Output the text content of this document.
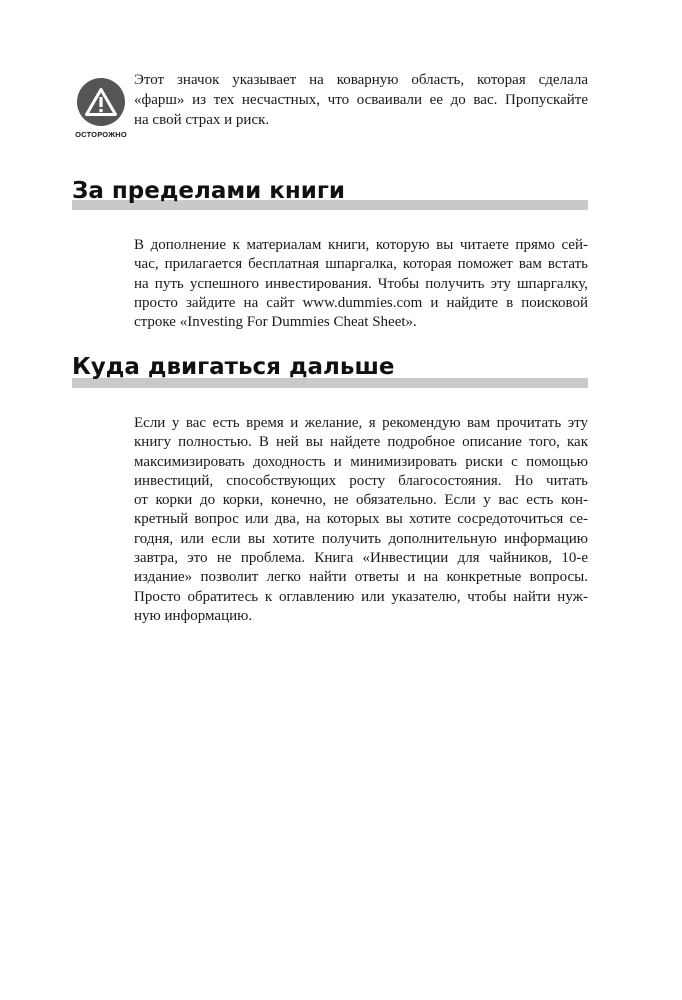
ОСТОРОЖНО
Этот значок указывает на коварную область, которая сделала
«фарш» из тех несчастных, что осваивали ее до вас. Пропускайте
на свой страх и риск.
За пределами книги
В дополнение к материалам книги, которую вы читаете прямо сей-
час, прилагается бесплатная шпаргалка, которая поможет вам встать
на путь успешного инвестирования. Чтобы получить эту шпаргалку,
просто зайдите на сайт www.dummies.com и найдите в поисковой
строке «Investing For Dummies Cheat Sheet».
Куда двигаться дальше
Если у вас есть время и желание, я рекомендую вам прочитать эту
книгу полностью. В ней вы найдете подробное описание того, как
максимизировать доходность и минимизировать риски с помощью
инвестиций, способствующих росту благосостояния. Но читать
от корки до корки, конечно, не обязательно. Если у вас есть кон-
кретный вопрос или два, на которых вы хотите сосредоточиться се-
годня, или если вы хотите получить дополнительную информацию
завтра, это не проблема. Книга «Инвестиции для чайников, 10-е
издание» позволит легко найти ответы и на конкретные вопросы.
Просто обратитесь к оглавлению или указателю, чтобы найти нуж-
ную информацию.
